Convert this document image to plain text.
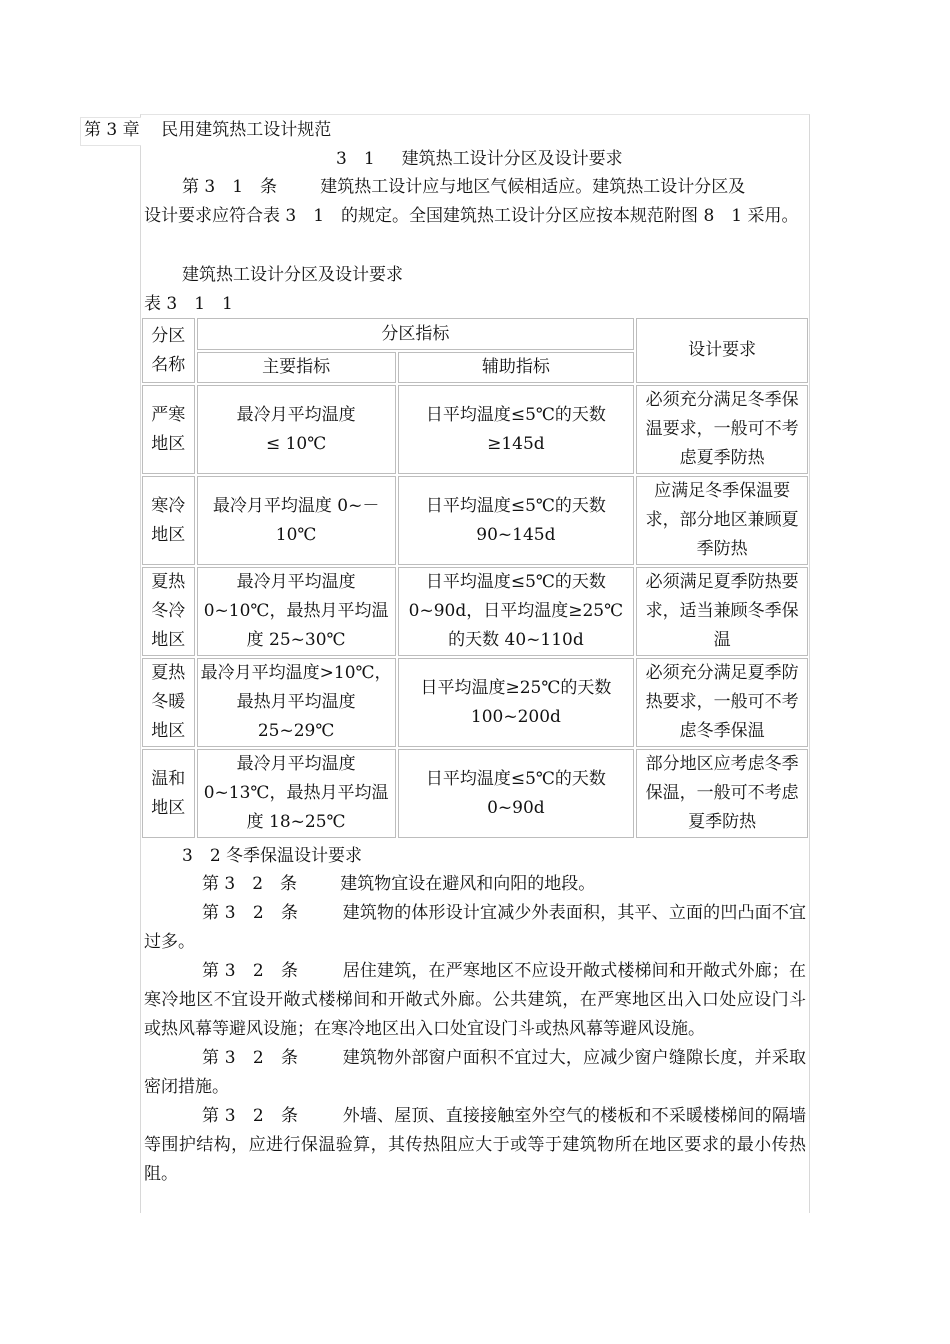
第 3 章 民用建筑热工设计规范
3　1 建筑热工设计分区及设计要求
第 3　1　条	建筑热工设计应与地区气候相适应。建筑热工设计分区及
设计要求应符合表 3　1　的规定。全国建筑热工设计分区应按本规范附图 8　1 采用。
建筑热工设计分区及设计要求
表 3　1　1
分区名称	分区指标		设计要求
	主要指标	辅助指标	
严寒地区	最冷月平均温度 ≤ 10℃	日平均温度≤5℃的天数 ≥145d	必须充分满足冬季保温要求，一般可不考虑夏季防热
寒冷地区	最冷月平均温度 0~－10℃	日平均温度≤5℃的天数 90~145d	应满足冬季保温要求，部分地区兼顾夏季防热
夏热冬冷地区	最冷月平均温度 0~10℃，最热月平均温度 25~30℃	日平均温度≤5℃的天数 0~90d，日平均温度≥25℃的天数 40~110d	必须满足夏季防热要求，适当兼顾冬季保温
夏热冬暖地区	最冷月平均温度>10℃，最热月平均温度 25~29℃	日平均温度≥25℃的天数 100~200d	必须充分满足夏季防热要求，一般可不考虑冬季保温
温和地区	最冷月平均温度 0~13℃，最热月平均温度 18~25℃	日平均温度≤5℃的天数 0~90d	部分地区应考虑冬季保温，一般可不考虑夏季防热
3　2 冬季保温设计要求
第 3　2　条	建筑物宜设在避风和向阳的地段。
第 3　2　条	建筑物的体形设计宜减少外表面积，其平、立面的凹凸面不宜过多。
第 3　2　条	居住建筑，在严寒地区不应设开敞式楼梯间和开敞式外廊；在寒冷地区不宜设开敞式楼梯间和开敞式外廊。公共建筑，在严寒地区出入口处应设门斗或热风幕等避风设施；在寒冷地区出入口处宜设门斗或热风幕等避风设施。
第 3　2　条	建筑物外部窗户面积不宜过大，应减少窗户缝隙长度，并采取密闭措施。
第 3　2　条	外墙、屋顶、直接接触室外空气的楼板和不采暖楼梯间的隔墙等围护结构，应进行保温验算，其传热阻应大于或等于建筑物所在地区要求的最小传热阻。
